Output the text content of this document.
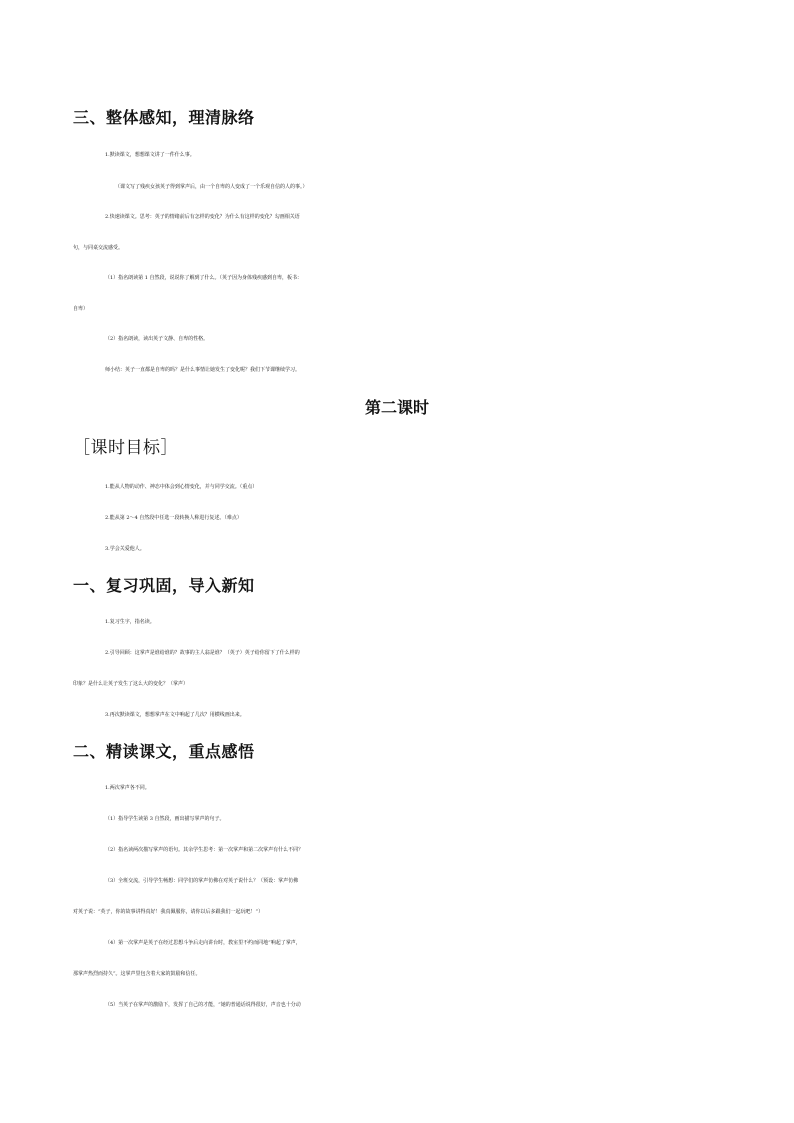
三、整体感知，理清脉络

1.默读课文，想想课文讲了一件什么事。

（课文写了残疾女孩英子得到掌声后，由一个自卑的人变成了一个乐观自信的人的事。）

2.快速读课文。思考：英子的情绪前后有怎样的变化？为什么有这样的变化？勾画相关语

句，与同桌交流感受。

（1）指名朗读第 1 自然段，说说你了解到了什么。（英子因为身体残疾感到自卑，板书：

自卑）

（2）指名朗读，读出英子文静、自卑的性格。

师小结：英子一直都是自卑的吗？是什么事情让她发生了变化呢？我们下节课继续学习。

第二课时

［课时目标］

1.能从人物的动作、神态中体会到心情变化，并与同学交流。（重点）

2.能从第 2～4 自然段中任选一段转换人称进行复述。（难点）

3.学会关爱他人。

一、复习巩固，导入新知

1.复习生字，指名读。

2.引导回顾：这掌声是谁给谁的？故事的主人翁是谁？（英子）英子给你留下了什么样的

印象？是什么让英子发生了这么大的变化？（掌声）

3.再次默读课文，想想掌声在文中响起了几次？用横线画出来。

二、精读课文，重点感悟

1.两次掌声各不同。

（1）指导学生读第 3 自然段，画出描写掌声的句子。

（2）指名读两次描写掌声的语句。其余学生思考：第一次掌声和第二次掌声有什么不同？

（3）全班交流，引导学生畅想：同学们的掌声仿佛在对英子说什么？（预设：掌声仿佛

对英子说：“英子，你的故事讲得真好！我真佩服你，请你以后多跟我们一起玩吧！”）

（4）第一次掌声是英子在经过思想斗争后走向讲台时，教室里不约而同地“响起了掌声，

那掌声热烈而持久”。这掌声里包含着大家的鼓励和信任。

（5）当英子在掌声的激励下，发挥了自己的才能，“她的普通话说得很好，声音也十分动
